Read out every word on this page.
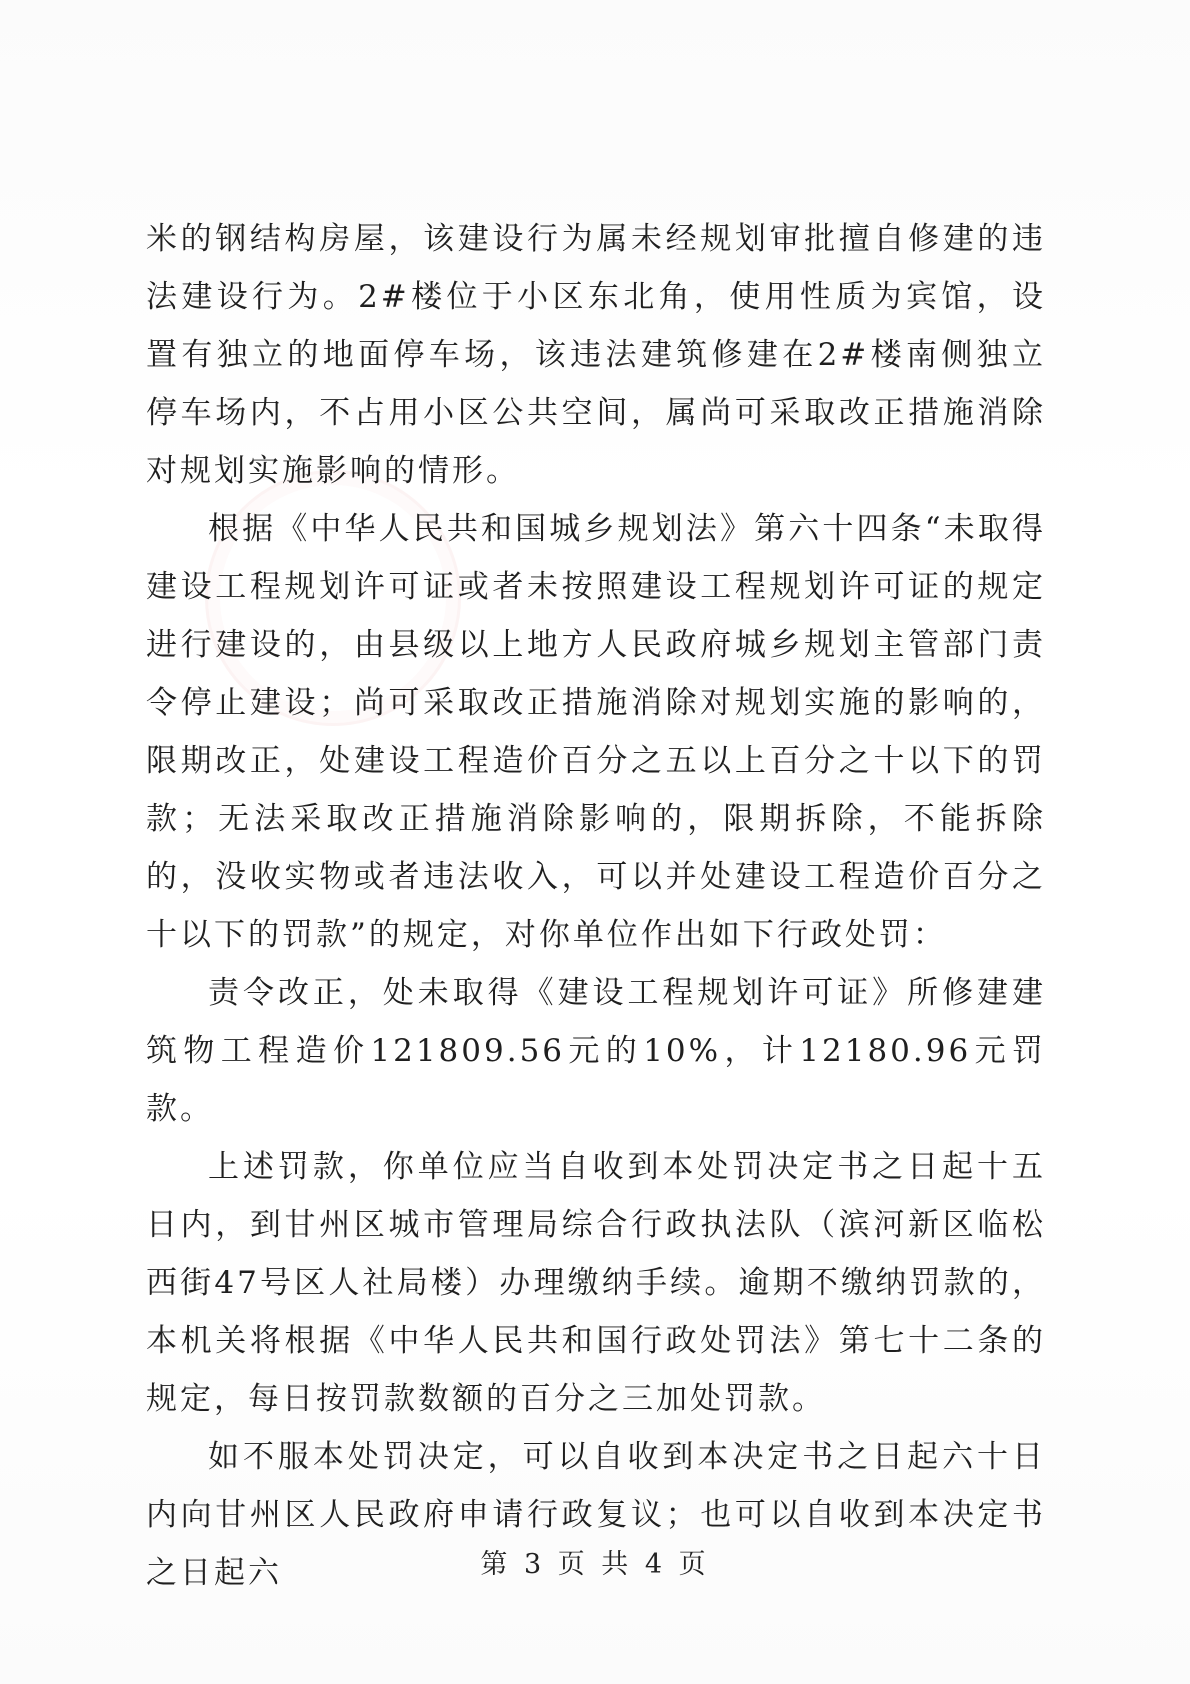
米的钢结构房屋，该建设行为属未经规划审批擅自修建的违法建设行为。2#楼位于小区东北角，使用性质为宾馆，设置有独立的地面停车场，该违法建筑修建在2#楼南侧独立停车场内，不占用小区公共空间，属尚可采取改正措施消除对规划实施影响的情形。

根据《中华人民共和国城乡规划法》第六十四条“未取得建设工程规划许可证或者未按照建设工程规划许可证的规定进行建设的，由县级以上地方人民政府城乡规划主管部门责令停止建设；尚可采取改正措施消除对规划实施的影响的，限期改正，处建设工程造价百分之五以上百分之十以下的罚款；无法采取改正措施消除影响的，限期拆除，不能拆除的，没收实物或者违法收入，可以并处建设工程造价百分之十以下的罚款”的规定，对你单位作出如下行政处罚：

责令改正，处未取得《建设工程规划许可证》所修建建筑物工程造价121809.56元的10%，计12180.96元罚款。

上述罚款，你单位应当自收到本处罚决定书之日起十五日内，到甘州区城市管理局综合行政执法队（滨河新区临松西街47号区人社局楼）办理缴纳手续。逾期不缴纳罚款的，本机关将根据《中华人民共和国行政处罚法》第七十二条的规定，每日按罚款数额的百分之三加处罚款。

如不服本处罚决定，可以自收到本决定书之日起六十日内向甘州区人民政府申请行政复议；也可以自收到本决定书之日起六	第 3 页 共 4 页
